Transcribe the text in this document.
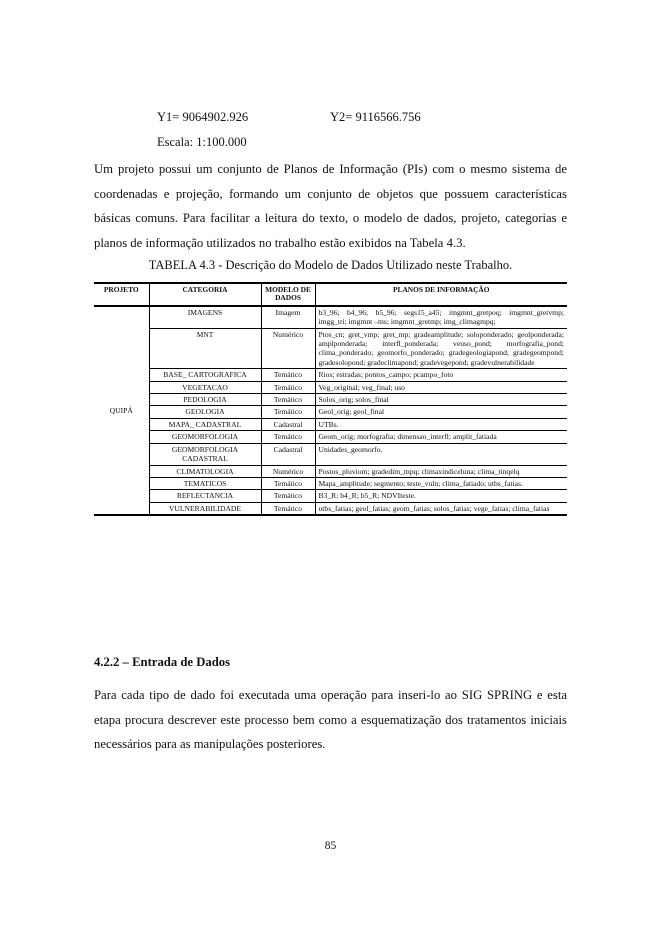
Y1= 9064902.926	Y2= 9116566.756
Escala: 1:100.000

Um projeto possui um conjunto de Planos de Informação (PIs) com o mesmo sistema de coordenadas e projeção, formando um conjunto de objetos que possuem características básicas comuns. Para facilitar a leitura do texto, o modelo de dados, projeto, categorias e planos de informação utilizados no trabalho estão exibidos na Tabela 4.3.

TABELA 4.3 - Descrição do Modelo de Dados Utilizado neste Trabalho.
PROJETO	CATEGORIA	MODELO DE DADOS	PLANOS DE INFORMAÇÃO
QUIPÁ	IMAGENS	Imagem	b3_96; b4_96; b5_96; segs15_a45; imgmnt_gretpoq; imgmnt_gretvmp; imgg_tri; imgmnt –ms; imgmnt_gretmp; img_climagmpq;
	MNT	Numérico	Ptos_cn; gret_vmp; gret_mp; gradeamplitude; soloponderado; geolponderada; amplponderada; interfl_ponderada; veuso_pond; morfografia_pond; clima_ponderado; geomorfo_ponderado; gradegeologiapond; gradegeompond; gradesolopond; gradeclimapond; gradevegepond; gradevulnerabilidade
	BASE_ CARTOGRAFICA	Temático	Rios; estradas; pontos_campo; pcampo_foto
	VEGETACAO	Temático	Veg_original; veg_final; uso
	PEDOLOGIA	Temático	Solos_orig; solos_final
	GEOLOGIA	Temático	Geol_orig; geol_final
	MAPA_ CADASTRAL	Cadastral	UTBs.
	GEOMORFOLOGIA	Temático	Geom_orig; morfografia; dimensao_interfl; amplit_fatiada
	GEOMORFOLOGIA CADASTRAL	Cadastral	Unidades_geomorfo.
	CLIMATOLOGIA	Numérico	Postos_pluviom; gradedim_mpq; climaxindiceluna; clima_tinqelq
	TEMATICOS	Temático	Mapa_amplitude; segmento; teste_vuln; clima_fatiado; utbs_fatias.
	REFLECTANCIA	Temático	B3_R; b4_R; b5_R; NDVIteste.
	VULNERABILIDADE	Temático	utbs_fatias; geol_fatias; geom_fatias; solos_fatias; vege_fatias; clima_fatias
4.2.2 – Entrada de Dados

Para cada tipo de dado foi executada uma operação para inseri-lo ao SIG SPRING e esta etapa procura descrever este processo bem como a esquematização dos tratamentos iniciais necessários para as manipulações posteriores.

85
